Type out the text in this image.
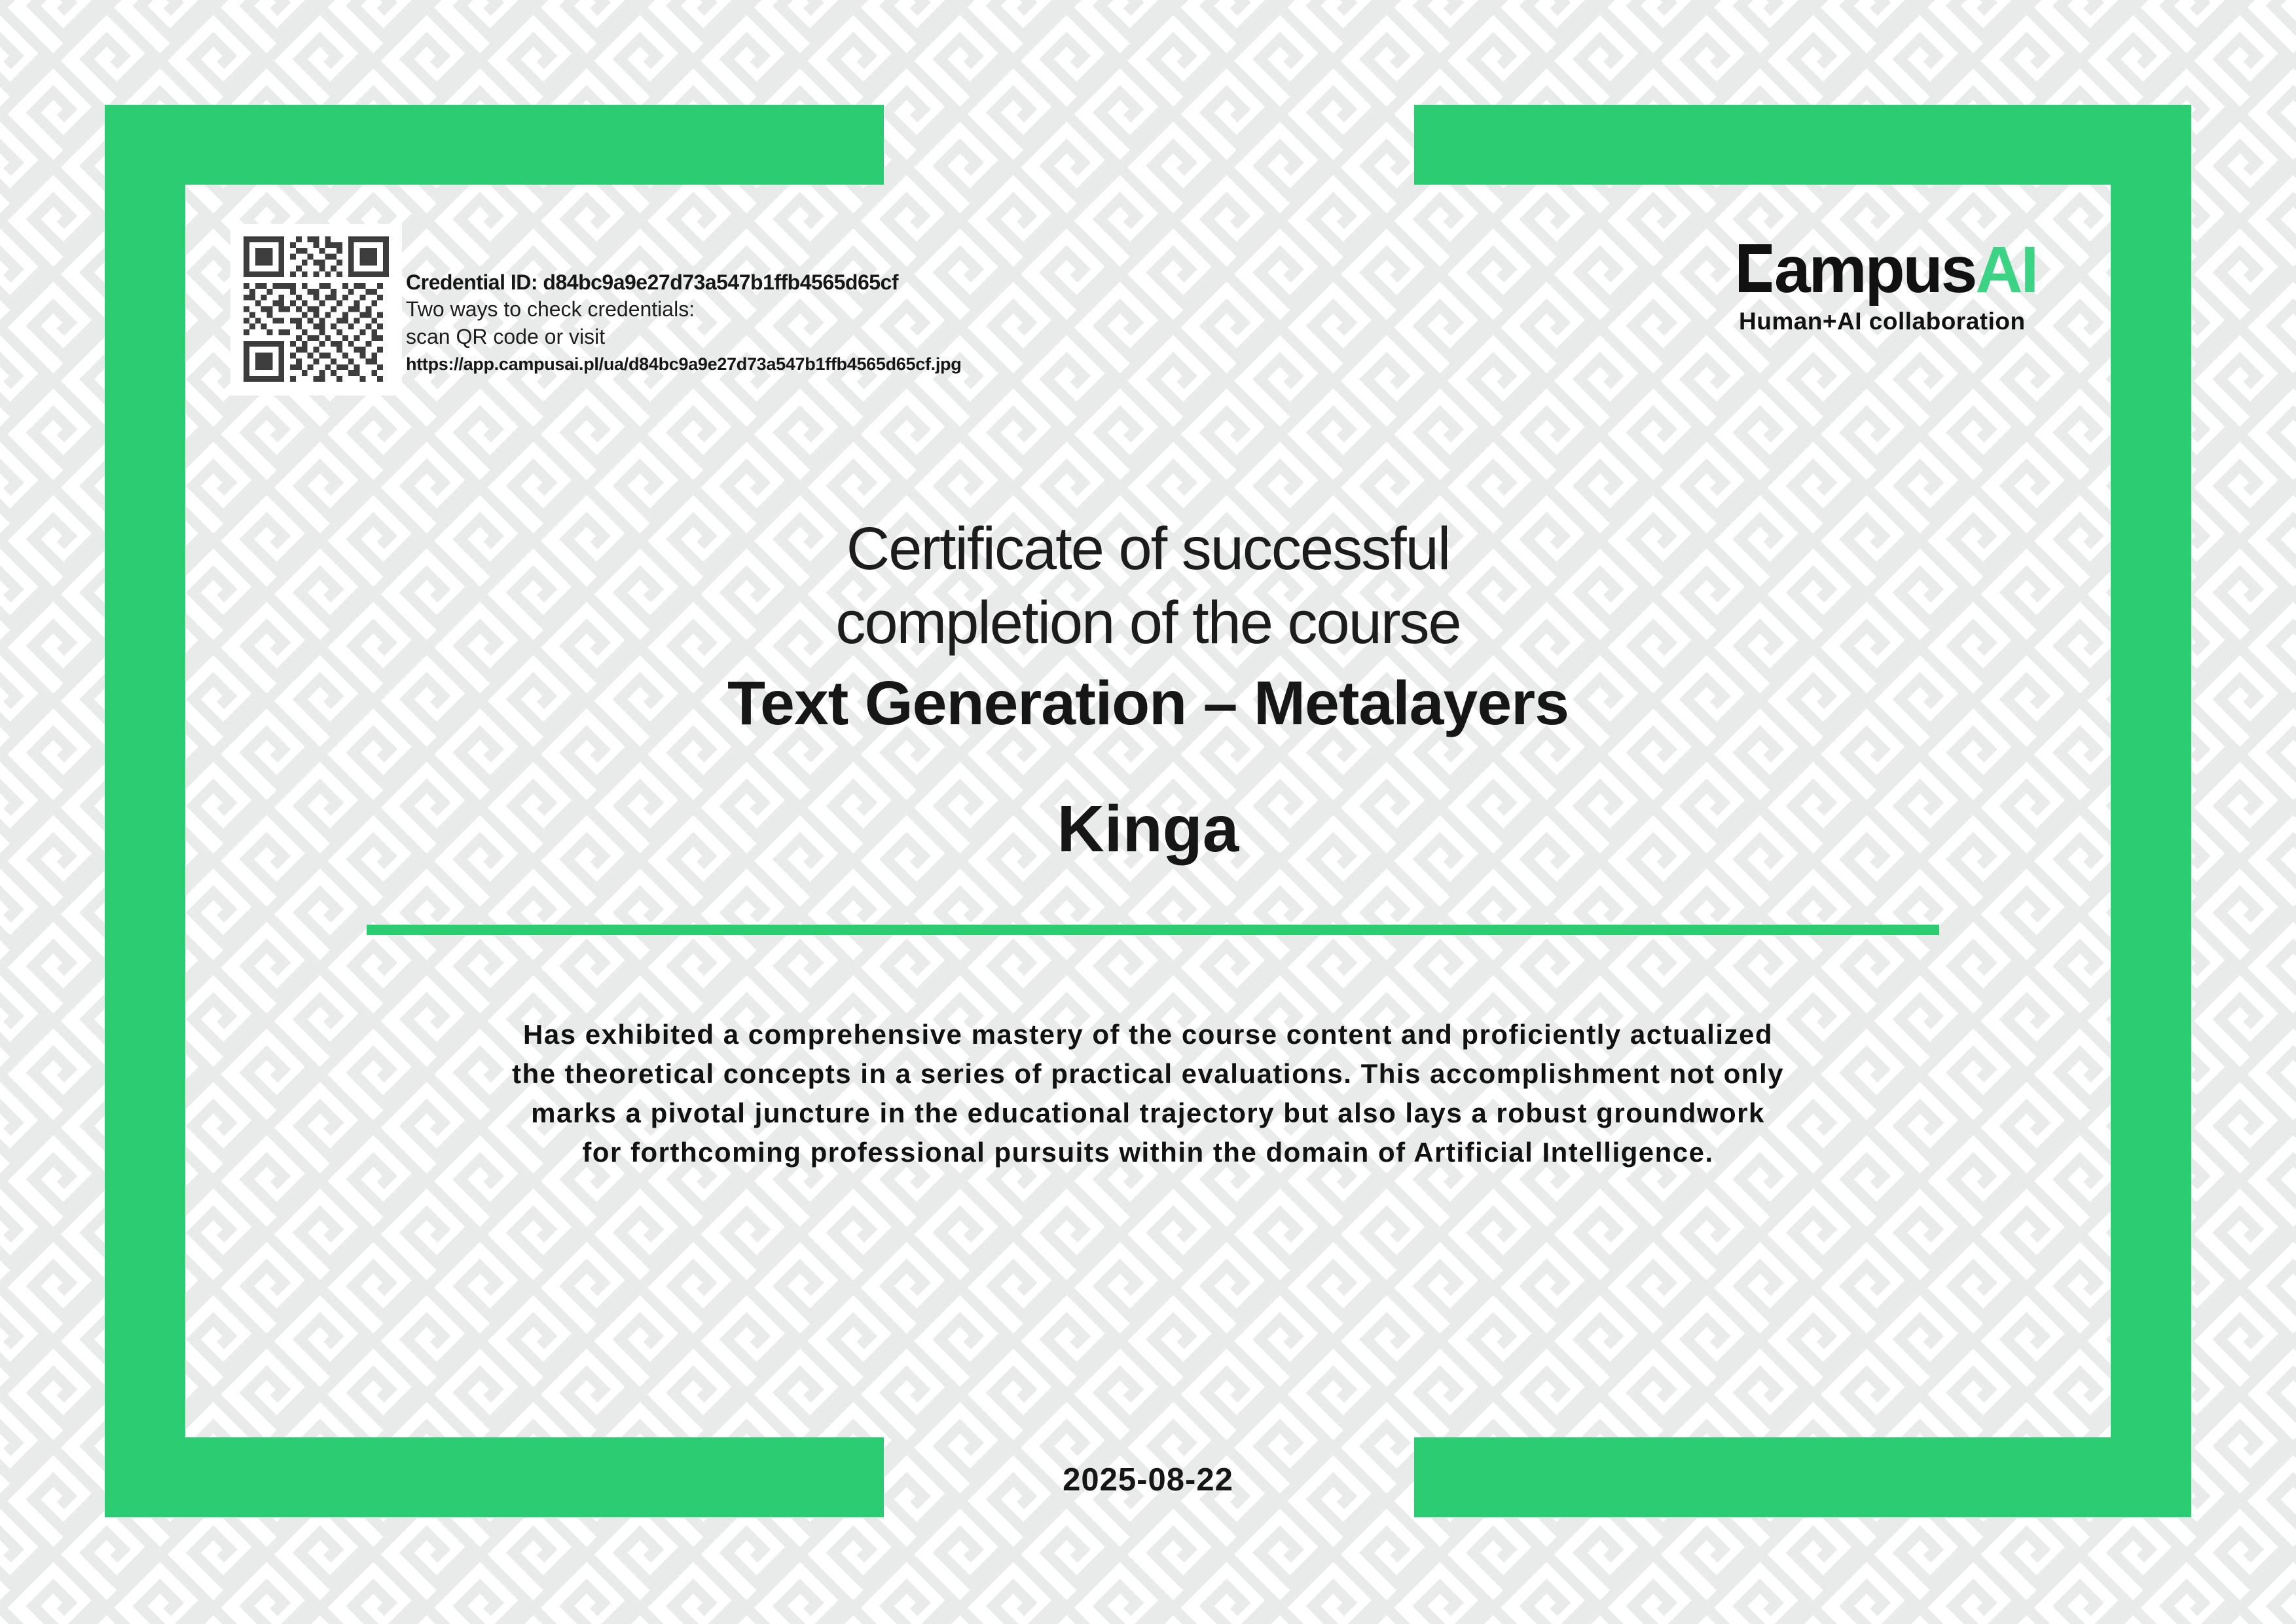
Credential ID: d84bc9a9e27d73a547b1ffb4565d65cf
Two ways to check credentials:
scan QR code or visit
https://app.campusai.pl/ua/d84bc9a9e27d73a547b1ffb4565d65cf.jpg
ampusAI
Human+AI collaboration
Certificate of successful
completion of the course
Text Generation – Metalayers
Kinga
Has exhibited a comprehensive mastery of the course content and proficiently actualized
the theoretical concepts in a series of practical evaluations. This accomplishment not only
marks a pivotal juncture in the educational trajectory but also lays a robust groundwork
for forthcoming professional pursuits within the domain of Artificial Intelligence.
2025-08-22
